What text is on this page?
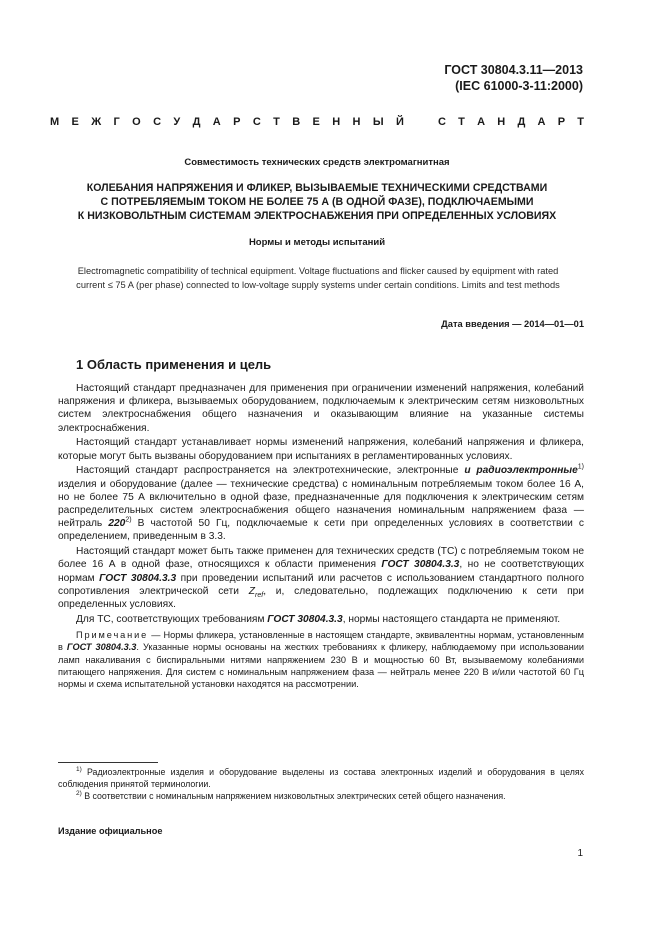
ГОСТ 30804.3.11—2013
(IEC 61000-3-11:2000)
М Е Ж Г О С У Д А Р С Т В Е Н Н Ы Й	С Т А Н Д А Р Т
Совместимость технических средств электромагнитная
КОЛЕБАНИЯ НАПРЯЖЕНИЯ И ФЛИКЕР, ВЫЗЫВАЕМЫЕ ТЕХНИЧЕСКИМИ СРЕДСТВАМИ
С ПОТРЕБЛЯЕМЫМ ТОКОМ НЕ БОЛЕЕ 75 А (В ОДНОЙ ФАЗЕ), ПОДКЛЮЧАЕМЫМИ
К НИЗКОВОЛЬТНЫМ СИСТЕМАМ ЭЛЕКТРОСНАБЖЕНИЯ ПРИ ОПРЕДЕЛЕННЫХ УСЛОВИЯХ
Нормы и методы испытаний
Electromagnetic compatibility of technical equipment. Voltage fluctuations and flicker caused by equipment with rated
current ≤ 75 A (per phase) connected to low-voltage supply systems under certain conditions. Limits and test methods
Дата введения — 2014—01—01
1 Область применения и цель

Настоящий стандарт предназначен для применения при ограничении изменений напряжения, колебаний напряжения и фликера, вызываемых оборудованием, подключаемым к электрическим сетям низковольтных систем электроснабжения общего назначения и оказывающим влияние на указанные системы электроснабжения.

Настоящий стандарт устанавливает нормы изменений напряжения, колебаний напряжения и фликера, которые могут быть вызваны оборудованием при испытаниях в регламентированных условиях.

Настоящий стандарт распространяется на электротехнические, электронные и радиоэлектронные$^{1)}$ изделия и оборудование (далее — технические средства) с номинальным потребляемым током более 16 А, но не более 75 А включительно в одной фазе, предназначенные для подключения к электрическим сетям распределительных систем электроснабжения общего назначения номинальным напряжением фаза — нейтраль 220$^{2)}$ В частотой 50 Гц, подключаемые к сети при определенных условиях в соответствии с определением, приведенным в 3.3.

Настоящий стандарт может быть также применен для технических средств (ТС) с потребляемым током не более 16 А в одной фазе, относящихся к области применения ГОСТ 30804.3.3, но не соответствующих нормам ГОСТ 30804.3.3 при проведении испытаний или расчетов с использованием стандартного полного сопротивления электрической сети $Z_{ref}$, и, следовательно, подлежащих подключению к сети при определенных условиях.

Для ТС, соответствующих требованиям ГОСТ 30804.3.3, нормы настоящего стандарта не применяют.

Примечание — Нормы фликера, установленные в настоящем стандарте, эквивалентны нормам, установленным в ГОСТ 30804.3.3. Указанные нормы основаны на жестких требованиях к фликеру, наблюдаемому при использовании ламп накаливания с биспиральными нитями напряжением 230 В и мощностью 60 Вт, вызываемому колебаниями питающего напряжения. Для систем с номинальным напряжением фаза — нейтраль менее 220 В и/или частотой 60 Гц нормы и схема испытательной установки находятся на рассмотрении.

$^{1)}$ Радиоэлектронные изделия и оборудование выделены из состава электронных изделий и оборудования в целях соблюдения принятой терминологии.

$^{2)}$ В соответствии с номинальным напряжением низковольтных электрических сетей общего назначения.

Издание официальное
1
